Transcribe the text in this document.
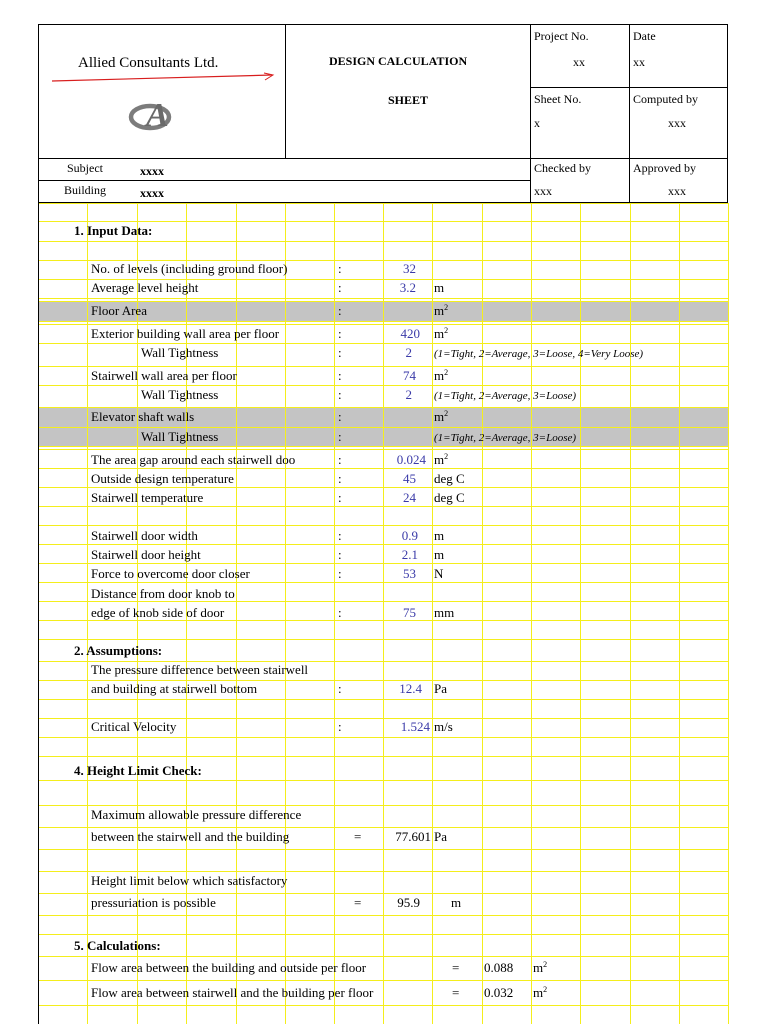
Allied Consultants Ltd.
A
DESIGN CALCULATION
SHEET
Project No.
xx
Date
xx
Sheet No.
x
Computed by
xxx
Subject	xxxx
Building	xxxx
Checked by
xxx
Approved by
xxx
1. Input Data:
No. of levels (including ground floor)	:	32
Average level height	:	3.2 m
Floor Area	:	$m^2$
Exterior building wall area per floor	:	420 $m^2$
Wall Tightness	:	2 (1=Tight, 2=Average, 3=Loose, 4=Very Loose)
Stairwell wall area per floor	:	74 $m^2$
Wall Tightness	:	2 (1=Tight, 2=Average, 3=Loose)
Elevator shaft walls	:	$m^2$
Wall Tightness	:	(1=Tight, 2=Average, 3=Loose)
The area gap around each stairwell doo	:	0.024 $m^2$
Outside design temperature	:	45 deg C
Stairwell temperature	:	24 deg C
Stairwell door width	:	0.9 m
Stairwell door height	:	2.1 m
Force to overcome door closer	:	53 N
Distance from door knob to
edge of knob side of door	:	75 mm
2. Assumptions:
The pressure difference between stairwell
and building at stairwell bottom	:	12.4 Pa
Critical Velocity	:	1.524 m/s
4. Height Limit Check:
Maximum allowable pressure difference
between the stairwell and the building	=	77.601 Pa
Height limit below which satisfactory
pressuriation is possible	=	95.9 m
5. Calculations:
Flow area between the building and outside per floor	= 0.088 $m^2$
Flow area between stairwell and the building per floor	= 0.032 $m^2$
